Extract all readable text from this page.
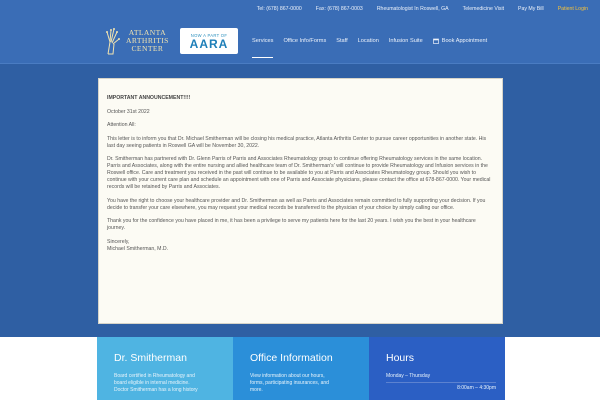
Tel: (678) 867-0000	Fax: (678) 867-0003	Rheumatologist In Roswell, GA	Telemedicine Visit	Pay My Bill	Patient Login
ATLANTA
ARTHRITIS
CENTER
NOW A PART OF
AARA	Services Office Info/Forms Staff Location Infusion Suite	Book Appointment

IMPORTANT ANNOUNCEMENT!!!!

October 31st 2022

Attention All:

This letter is to inform you that Dr. Michael Smitherman will be closing his medical practice, Atlanta Arthritis Center to pursue career opportunities in another state. His last day seeing patients in Roswell GA will be November 30, 2022.

Dr. Smitherman has partnered with Dr. Glenn Parris of Parris and Associates Rheumatology group to continue offering Rheumatology services in the same location. Parris and Associates, along with the entire nursing and allied healthcare team of Dr. Smitherman's' will continue to provide Rheumatology and Infusion services in the Roswell office. Care and treatment you received in the past will continue to be available to you at Parris and Associates Rheumatology group. Should you wish to continue with your current care plan and schedule an appointment with one of Parris and Associate physicians, please contact the office at 678-867-0000. Your medical records will be retained by Parris and Associates.

You have the right to choose your healthcare provider and Dr. Smitherman as well as Parris and Associates remain committed to fully supporting your decision. If you decide to transfer your care elsewhere, you may request your medical records be transferred to the physician of your choice by simply calling our office.

Thank you for the confidence you have placed in me, it has been a privilege to serve my patients here for the last 20 years. I wish you the best in your healthcare journey.

Sincerely,
Michael Smitherman, M.D.
Dr. Smitherman
Board certified in Rheumatology and
board eligible in internal medicine.
Doctor Smitherman has a long history
Office Information
View information about our hours,
forms, participating insurances, and
more.
Hours
Monday – Thursday
8:00am – 4:30pm
